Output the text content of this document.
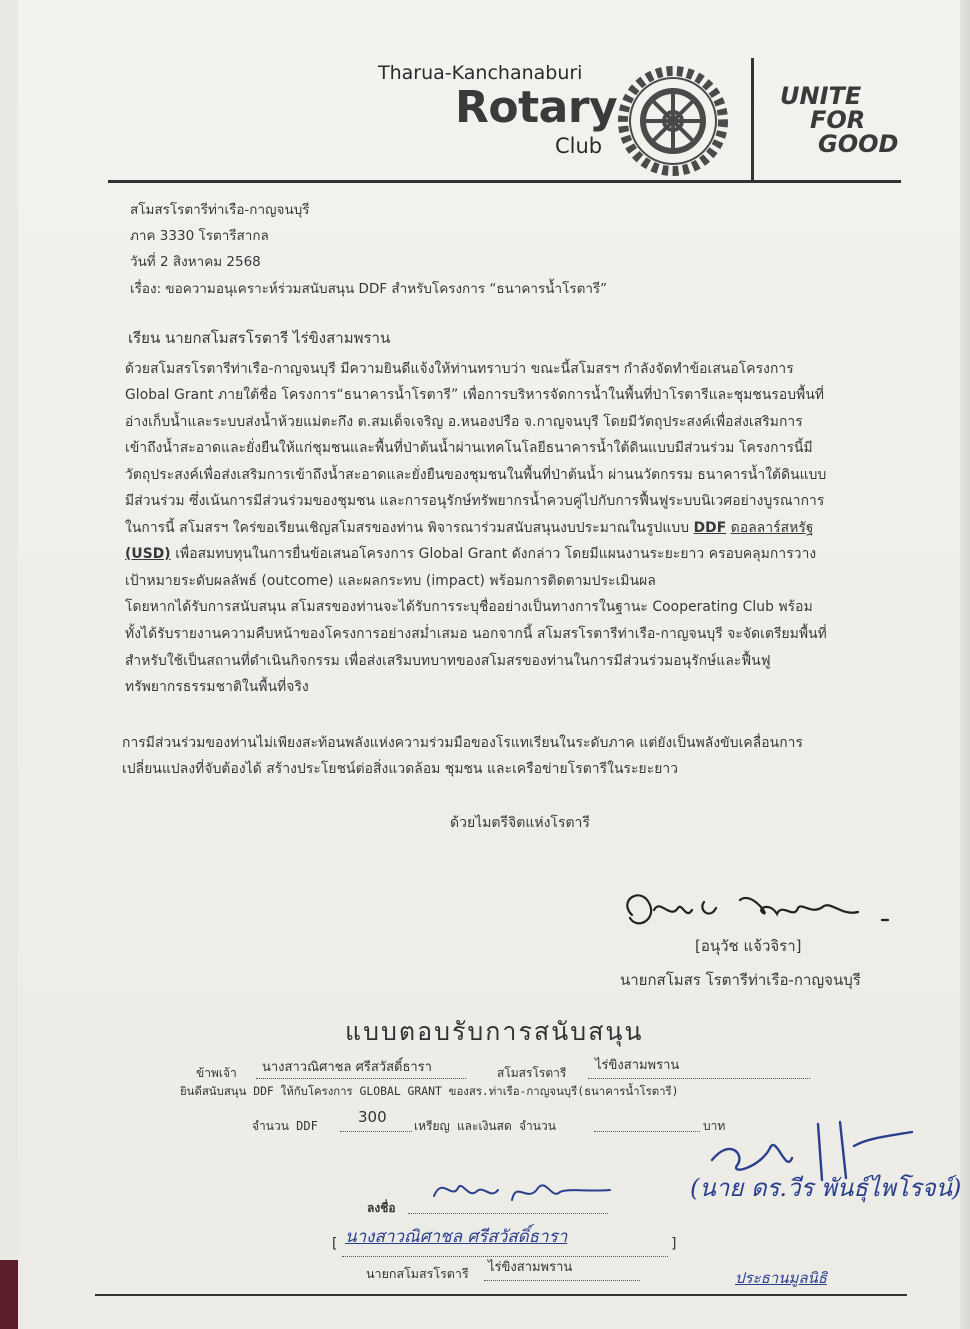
Tharua-Kanchanaburi
Rotary
Club
UNITE
FOR
GOOD
สโมสรโรตารีท่าเรือ-กาญจนบุรี
ภาค 3330 โรตารีสากล
วันที่ 2 สิงหาคม 2568
เรื่อง: ขอความอนุเคราะห์ร่วมสนับสนุน DDF สำหรับโครงการ “ธนาคารน้ำโรตารี”
เรียน นายกสโมสรโรตารี ไร่ขิงสามพราน
ด้วยสโมสรโรตารีท่าเรือ-กาญจนบุรี มีความยินดีแจ้งให้ท่านทราบว่า ขณะนี้สโมสรฯ กำลังจัดทำข้อเสนอโครงการ
Global Grant ภายใต้ชื่อ โครงการ“ธนาคารน้ำโรตารี” เพื่อการบริหารจัดการน้ำในพื้นที่ป่าโรตารีและชุมชนรอบพื้นที่
อ่างเก็บน้ำและระบบส่งน้ำห้วยแม่ตะกึง ต.สมเด็จเจริญ อ.หนองปรือ จ.กาญจนบุรี โดยมีวัตถุประสงค์เพื่อส่งเสริมการ
เข้าถึงน้ำสะอาดและยั่งยืนให้แก่ชุมชนและพื้นที่ป่าต้นน้ำผ่านเทคโนโลยีธนาคารน้ำใต้ดินแบบมีส่วนร่วม โครงการนี้มี
วัตถุประสงค์เพื่อส่งเสริมการเข้าถึงน้ำสะอาดและยั่งยืนของชุมชนในพื้นที่ป่าต้นน้ำ ผ่านนวัตกรรม ธนาคารน้ำใต้ดินแบบ
มีส่วนร่วม ซึ่งเน้นการมีส่วนร่วมของชุมชน และการอนุรักษ์ทรัพยากรน้ำควบคู่ไปกับการฟื้นฟูระบบนิเวศอย่างบูรณาการ
ในการนี้ สโมสรฯ ใคร่ขอเรียนเชิญสโมสรของท่าน พิจารณาร่วมสนับสนุนงบประมาณในรูปแบบ DDF ดอลลาร์สหรัฐ
(USD) เพื่อสมทบทุนในการยื่นข้อเสนอโครงการ Global Grant ดังกล่าว โดยมีแผนงานระยะยาว ครอบคลุมการวาง
เป้าหมายระดับผลลัพธ์ (outcome) และผลกระทบ (impact) พร้อมการติดตามประเมินผล
โดยหากได้รับการสนับสนุน สโมสรของท่านจะได้รับการระบุชื่ออย่างเป็นทางการในฐานะ Cooperating Club พร้อม
ทั้งได้รับรายงานความคืบหน้าของโครงการอย่างสม่ำเสมอ นอกจากนี้ สโมสรโรตารีท่าเรือ-กาญจนบุรี จะจัดเตรียมพื้นที่
สำหรับใช้เป็นสถานที่ดำเนินกิจกรรม เพื่อส่งเสริมบทบาทของสโมสรของท่านในการมีส่วนร่วมอนุรักษ์และฟื้นฟู
ทรัพยากรธรรมชาติในพื้นที่จริง
การมีส่วนร่วมของท่านไม่เพียงสะท้อนพลังแห่งความร่วมมือของโรแทเรียนในระดับภาค แต่ยังเป็นพลังขับเคลื่อนการ
เปลี่ยนแปลงที่จับต้องได้ สร้างประโยชน์ต่อสิ่งแวดล้อม ชุมชน และเครือข่ายโรตารีในระยะยาว
ด้วยไมตรีจิตแห่งโรตารี
[อนุวัช แจ้วจิรา]
นายกสโมสร โรตารีท่าเรือ-กาญจนบุรี
แบบตอบรับการสนับสนุน
ข้าพเจ้า นางสาวณิศาชล ศรีสวัสดิ์ธารา	สโมสรโรตารี ไร่ขิงสามพราน
ยินดีสนับสนุน DDF ให้กับโครงการ GLOBAL GRANT ของสร.ท่าเรือ-กาญจนบุรี(ธนาคารน้ำโรตารี)
จำนวน DDF	300 เหรียญ และเงินสด จำนวน	บาท
(นาย ดร.วีร พันธุ์ไพโรจน์)
ลงชื่อ
[ นางสาวณิศาชล ศรีสวัสดิ์ธารา	]
นายกสโมสรโรตารี ไร่ขิงสามพราน
ประธานมูลนิธิ
